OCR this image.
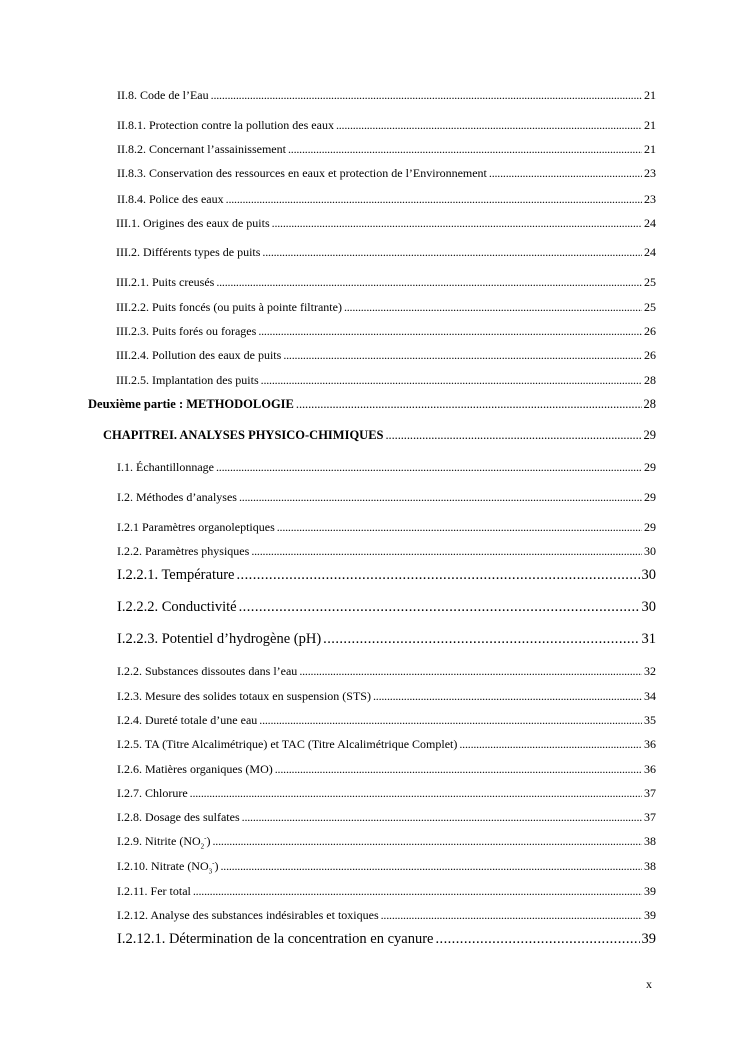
II.8. Code de l’Eau . . .	21
II.8.1. Protection contre la pollution des eaux . . .	21
II.8.2. Concernant l’assainissement . . .	21
II.8.3. Conservation des ressources en eaux et protection de l’Environnement . . .	23
II.8.4. Police des eaux . . .	23
III.1. Origines des eaux de puits . . .	24
III.2. Différents types de puits . . .	24
III.2.1. Puits creusés . . .	25
III.2.2. Puits foncés (ou puits à pointe filtrante) . . .	25
III.2.3. Puits forés ou forages . . .	26
III.2.4. Pollution des eaux de puits . . .	26
III.2.5. Implantation des puits . . .	28
Deuxième partie : METHODOLOGIE . . .	28
CHAPITREI. ANALYSES PHYSICO-CHIMIQUES . . .	29
I.1. Échantillonnage . . .	29
I.2. Méthodes d’analyses . . .	29
I.2.1 Paramètres organoleptiques . . .	29
I.2.2. Paramètres physiques . . .	30
I.2.2.1. Température . . .	30
I.2.2.2. Conductivité . . .	30
I.2.2.3. Potentiel d’hydrogène (pH) . . .	31
I.2.2. Substances dissoutes dans l’eau . . .	32
I.2.3. Mesure des solides totaux en suspension (STS) . . .	34
I.2.4. Dureté totale d’une eau . . .	35
I.2.5. TA (Titre Alcalimétrique) et TAC (Titre Alcalimétrique Complet) . . .	36
I.2.6. Matières organiques (MO) . . .	36
I.2.7. Chlorure . . .	37
I.2.8. Dosage des sulfates . . .	37
I.2.9. Nitrite $(NO_2^-)$ . . .	38
I.2.10. Nitrate $(NO_3^-)$ . . .	38
I.2.11. Fer total . . .	39
I.2.12. Analyse des substances indésirables et toxiques . . .	39
I.2.12.1. Détermination de la concentration en cyanure . . .	39
x
